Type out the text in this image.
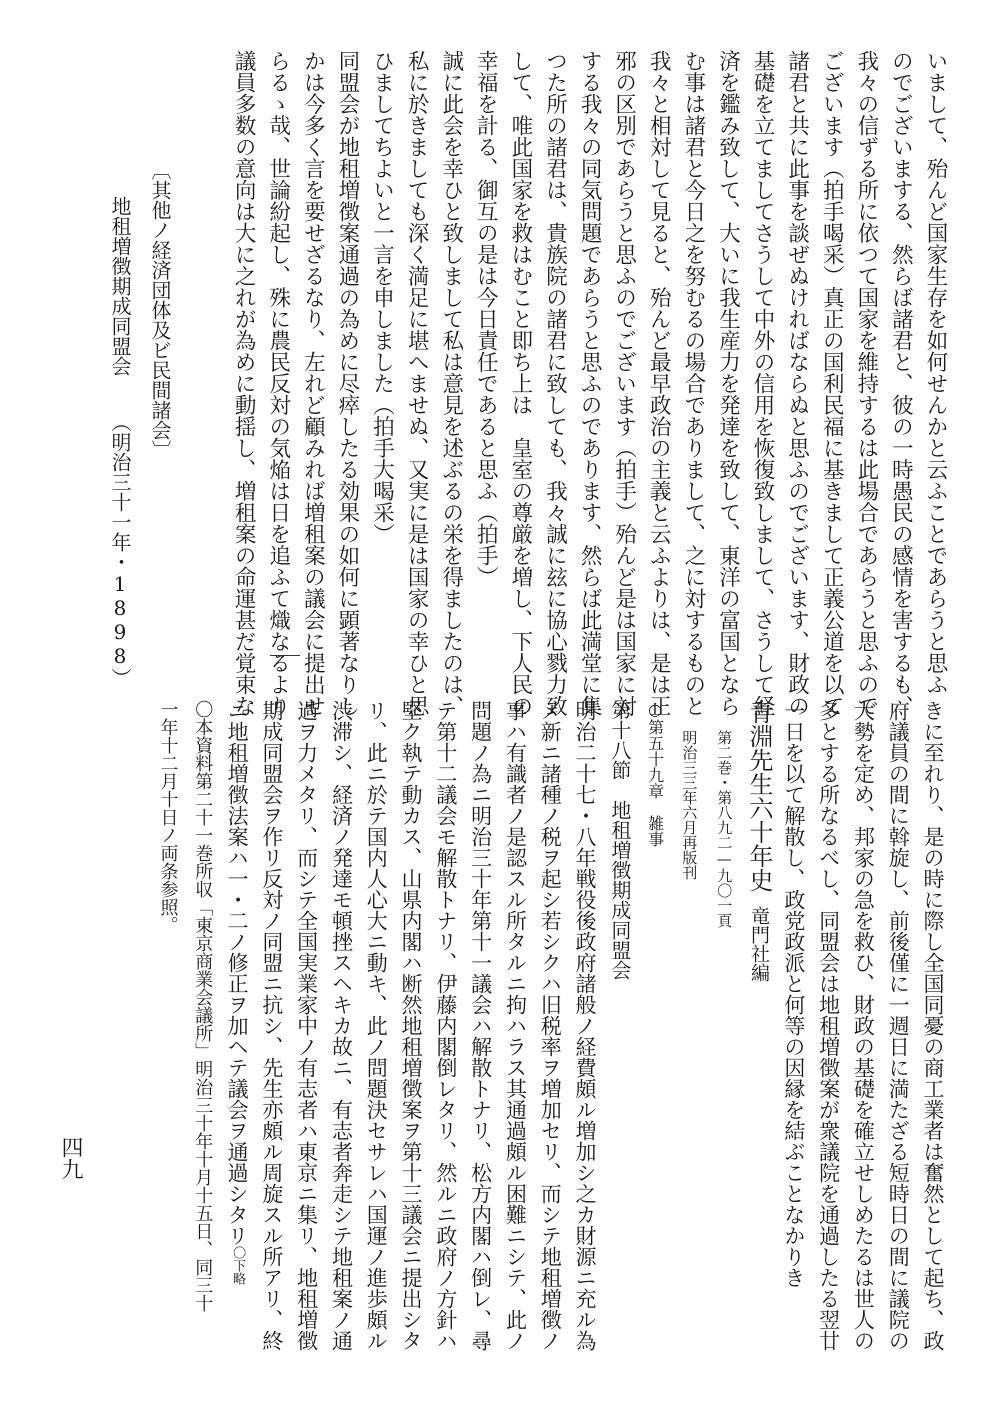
〔其他ノ経済団体及ビ民間諸会〕

地租増徴期成同盟会（明治三十一年・1898）

四九

いまして、殆んど国家生存を如何せんかと云ふことであらうと思ふ

のでございまする、然らば諸君と、彼の一時愚民の感情を害するも、

我々の信ずる所に依つて国家を維持するは此場合であらうと思ふので

ございます（拍手喝采）真正の国利民福に基きまして正義公道を以て

諸君と共に此事を談ぜぬければならぬと思ふのでございます、財政の

基礎を立てましてさうして中外の信用を恢復致しまして、さうして経

済を鑑み致して、大いに我生産力を発達を致して、東洋の富国となら

む事は諸君と今日之を努むるの場合でありまして、之に対するものと

我々と相対して見ると、殆んど最早政治の主義と云ふよりは、是は正

邪の区別であらうと思ふのでございます（拍手）殆んど是は国家に対

する我々の同気問題であらうと思ふのであります、然らば此満堂に集

つた所の諸君は、貴族院の諸君に致しても、我々誠に玆に協心戮力致

して、唯此国家を救はむこと即ち上は　皇室の尊厳を増し、下人民の

幸福を計る、御互の是は今日責任であると思ふ（拍手）

誠に此会を幸ひと致しまして私は意見を述ぶるの栄を得ましたのは、

私に於きましても深く満足に堪へませぬ、又実に是は国家の幸ひと思

ひましてちよいと一言を申しました（拍手大喝采）

同盟会が地租増徴案通過の為めに尽瘁したる効果の如何に顕著なりし

かは今多く言を要せざるなり、左れど顧みれば増租案の議会に提出せ

らるゝ哉、世論紛起し、殊に農民反対の気焔は日を追ふて熾なるより

議員多数の意向は大に之れが為めに動揺し、増租案の命運甚だ覚束な

きに至れり、是の時に際し全国同憂の商工業者は奮然として起ち、政

府議員の間に斡旋し、前後僅に一週日に満たざる短時日の間に議院の

大勢を定め、邦家の急を救ひ、財政の基礎を確立せしめたるは世人の

多とする所なるべし、同盟会は地租増徴案が衆議院を通過したる翌廿

一日を以て解散し、政党政派と何等の因縁を結ぶことなかりき

青淵先生六十年史竜門社編

第二巻・第八九二—九〇一頁

明治三三年六月再版刊

○第五十九章　雑事

第十八節　地租増徴期成同盟会

明治二十七・八年戦役後政府諸般ノ経費頗ル増加シ之カ財源ニ充ル為

メ新ニ諸種ノ税ヲ起シ若シクハ旧税率ヲ増加セリ、而シテ地租増徴ノ

事ハ有識者ノ是認スル所タルニ拘ハラス其通過頗ル困難ニシテ、此ノ

問題ノ為ニ明治三十年第十一議会ハ解散トナリ、松方内閣ハ倒レ、尋

テ第十二議会モ解散トナリ、伊藤内閣倒レタリ、然ルニ政府ノ方針ハ

堅ク執テ動カス、山県内閣ハ断然地租増徴案ヲ第十三議会ニ提出シタ

リ、此ニ於テ国内人心大ニ動キ、此ノ問題決セサレハ国運ノ進歩頗ル

渋滞シ、経済ノ発達モ頓挫スヘキカ故ニ、有志者奔走シテ地租案ノ通

過ヲ力メタリ、而シテ全国実業家中ノ有志者ハ東京ニ集リ、地租増徴

期成同盟会ヲ作リ反対ノ同盟ニ抗シ、先生亦頗ル周旋スル所アリ、終

ニ地租増徴法案ハ一・二ノ修正ヲ加ヘテ議会ヲ通過シタリ〇下略

〇本資料第二十一巻所収「東京商業会議所」明治三十年十月十五日、同三十

一年十二月十日ノ両条参照。
